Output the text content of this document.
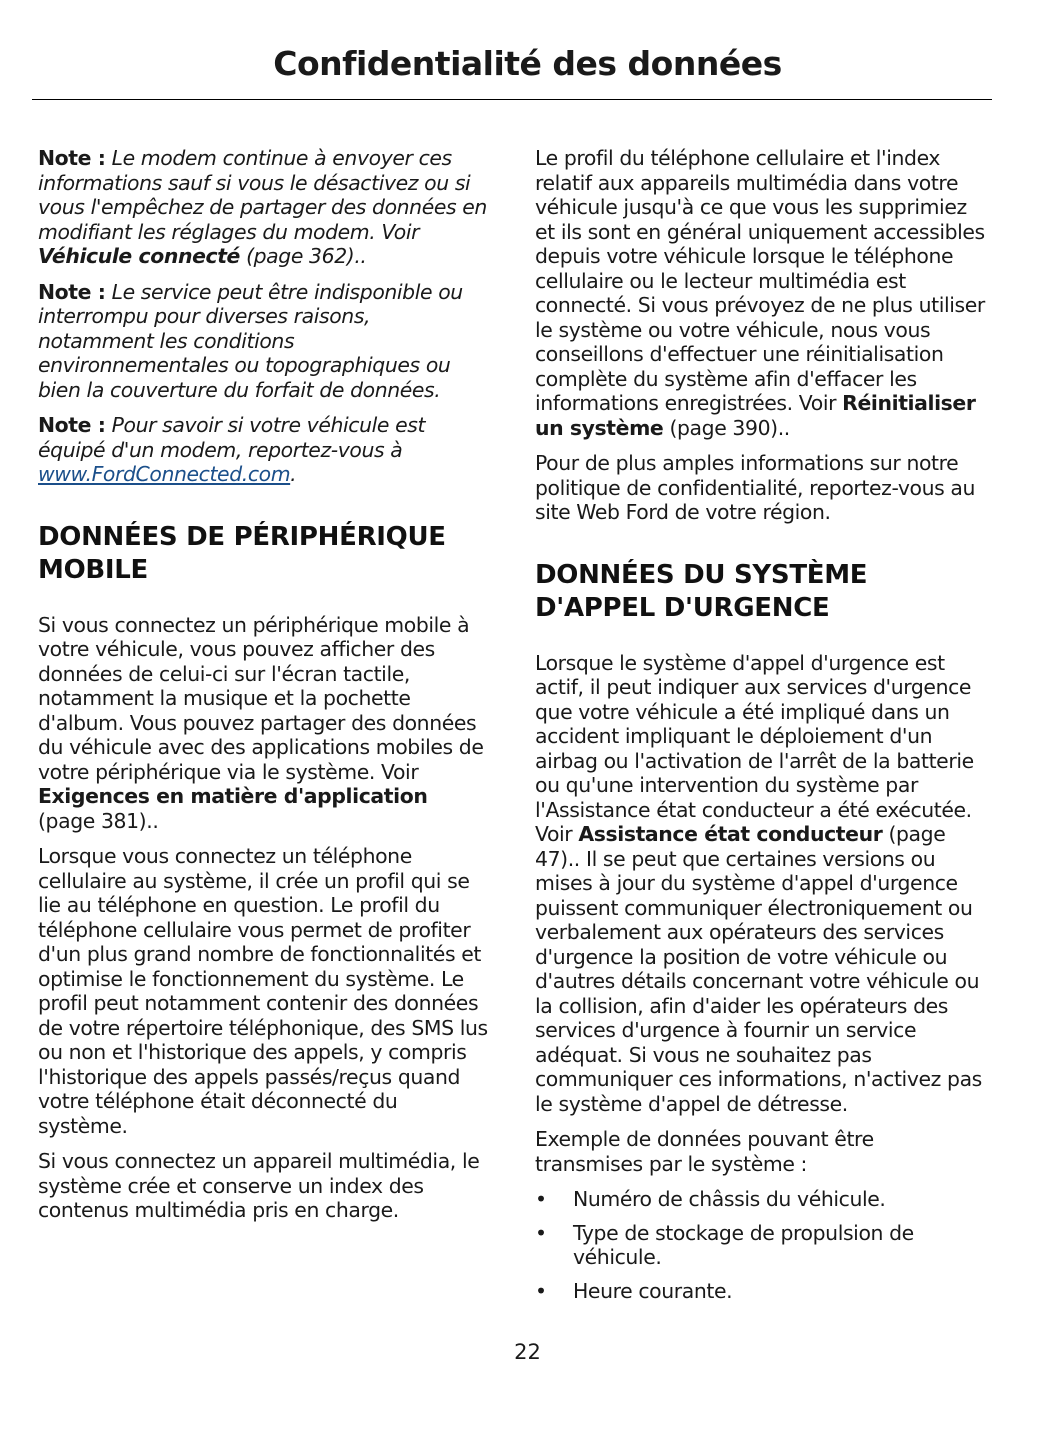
Confidentialité des données

Note : Le modem continue à envoyer ces informations sauf si vous le désactivez ou si vous l'empêchez de partager des données en modifiant les réglages du modem. Voir Véhicule connecté (page 362)..

Note : Le service peut être indisponible ou interrompu pour diverses raisons, notamment les conditions environnementales ou topographiques ou bien la couverture du forfait de données.

Note : Pour savoir si votre véhicule est équipé d'un modem, reportez-vous à www.FordConnected.com.

DONNÉES DE PÉRIPHÉRIQUE MOBILE

Si vous connectez un périphérique mobile à votre véhicule, vous pouvez afficher des données de celui-ci sur l'écran tactile, notamment la musique et la pochette d'album. Vous pouvez partager des données du véhicule avec des applications mobiles de votre périphérique via le système. Voir Exigences en matière d'application (page 381)..

Lorsque vous connectez un téléphone cellulaire au système, il crée un profil qui se lie au téléphone en question. Le profil du téléphone cellulaire vous permet de profiter d'un plus grand nombre de fonctionnalités et optimise le fonctionnement du système. Le profil peut notamment contenir des données de votre répertoire téléphonique, des SMS lus ou non et l'historique des appels, y compris l'historique des appels passés/reçus quand votre téléphone était déconnecté du système.

Si vous connectez un appareil multimédia, le système crée et conserve un index des contenus multimédia pris en charge.

Le profil du téléphone cellulaire et l'index relatif aux appareils multimédia dans votre véhicule jusqu'à ce que vous les supprimiez et ils sont en général uniquement accessibles depuis votre véhicule lorsque le téléphone cellulaire ou le lecteur multimédia est connecté. Si vous prévoyez de ne plus utiliser le système ou votre véhicule, nous vous conseillons d'effectuer une réinitialisation complète du système afin d'effacer les informations enregistrées. Voir Réinitialiser un système (page 390)..

Pour de plus amples informations sur notre politique de confidentialité, reportez-vous au site Web Ford de votre région.

DONNÉES DU SYSTÈME D'APPEL D'URGENCE

Lorsque le système d'appel d'urgence est actif, il peut indiquer aux services d'urgence que votre véhicule a été impliqué dans un accident impliquant le déploiement d'un airbag ou l'activation de l'arrêt de la batterie ou qu'une intervention du système par l'Assistance état conducteur a été exécutée. Voir Assistance état conducteur (page 47).. Il se peut que certaines versions ou mises à jour du système d'appel d'urgence puissent communiquer électroniquement ou verbalement aux opérateurs des services d'urgence la position de votre véhicule ou d'autres détails concernant votre véhicule ou la collision, afin d'aider les opérateurs des services d'urgence à fournir un service adéquat. Si vous ne souhaitez pas communiquer ces informations, n'activez pas le système d'appel de détresse.

Exemple de données pouvant être transmises par le système :

• Numéro de châssis du véhicule.
• Type de stockage de propulsion de véhicule.
• Heure courante.
22
